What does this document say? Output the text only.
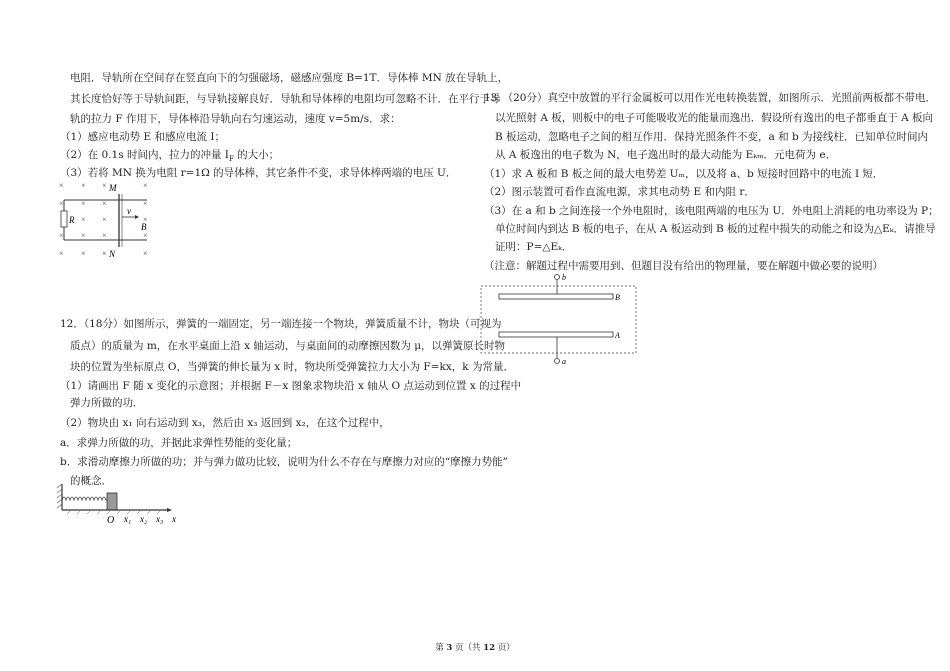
电阻．导轨所在空间存在竖直向下的匀强磁场，磁感应强度 B=1T．导体棒 MN 放在导轨上，
其长度恰好等于导轨间距，与导轨接解良好．导轨和导体棒的电阻均可忽略不计．在平行于导
轨的拉力 F 作用下，导体棒沿导轨向右匀速运动，速度 v=5m/s．求：
（1）感应电动势 E 和感应电流 I；
（2）在 0.1s 时间内，拉力的冲量 $I_F$ 的大小；
（3）若将 MN 换为电阻 r=1Ω 的导体棒，其它条件不变，求导体棒两端的电压 U．
× × ×	×
× × ×	×
× ×	×
× × ×	×
× × ×	×
R
M
N
v
B
12．（18分）如图所示，弹簧的一端固定，另一端连接一个物块，弹簧质量不计，物块（可视为
质点）的质量为 m，在水平桌面上沿 x 轴运动，与桌面间的动摩擦因数为 μ，以弹簧原长时物
块的位置为坐标原点 O，当弹簧的伸长量为 x 时，物块所受弹簧拉力大小为 F=kx，k 为常量．
（1）请画出 F 随 x 变化的示意图；并根据 F－x 图象求物块沿 x 轴从 O 点运动到位置 x 的过程中
弹力所做的功．
（2）物块由 x₁ 向右运动到 x₃，然后由 x₃ 返回到 x₂，在这个过程中，
a．求弹力所做的功，并据此求弹性势能的变化量；
b．求滑动摩擦力所做的功；并与弹力做功比较，说明为什么不存在与摩擦力对应的“摩擦力势能”
的概念．
O x₁ x₂ x₃ x
13．（20分）真空中放置的平行金属板可以用作光电转换装置，如图所示．光照前两板都不带电．
以光照射 A 板，则板中的电子可能吸收光的能量而逸出．假设所有逸出的电子都垂直于 A 板向
B 板运动，忽略电子之间的相互作用．保持光照条件不变，a 和 b 为接线柱．已知单位时间内
从 A 板逸出的电子数为 N，电子逸出时的最大动能为 Eₖₘ．元电荷为 e．
（1）求 A 板和 B 板之间的最大电势差 Uₘ，以及将 a、b 短接时回路中的电流 I 短．
（2）图示装置可看作直流电源，求其电动势 E 和内阻 r．
（3）在 a 和 b 之间连接一个外电阻时，该电阻两端的电压为 U．外电阻上消耗的电功率设为 P；
单位时间内到达 B 板的电子，在从 A 板运动到 B 板的过程中损失的动能之和设为△Eₖ．请推导
证明：P=△Eₖ．
（注意：解题过程中需要用到、但题目没有给出的物理量，要在解题中做必要的说明）
b
B
A
a
第 3 页（共 12 页）
